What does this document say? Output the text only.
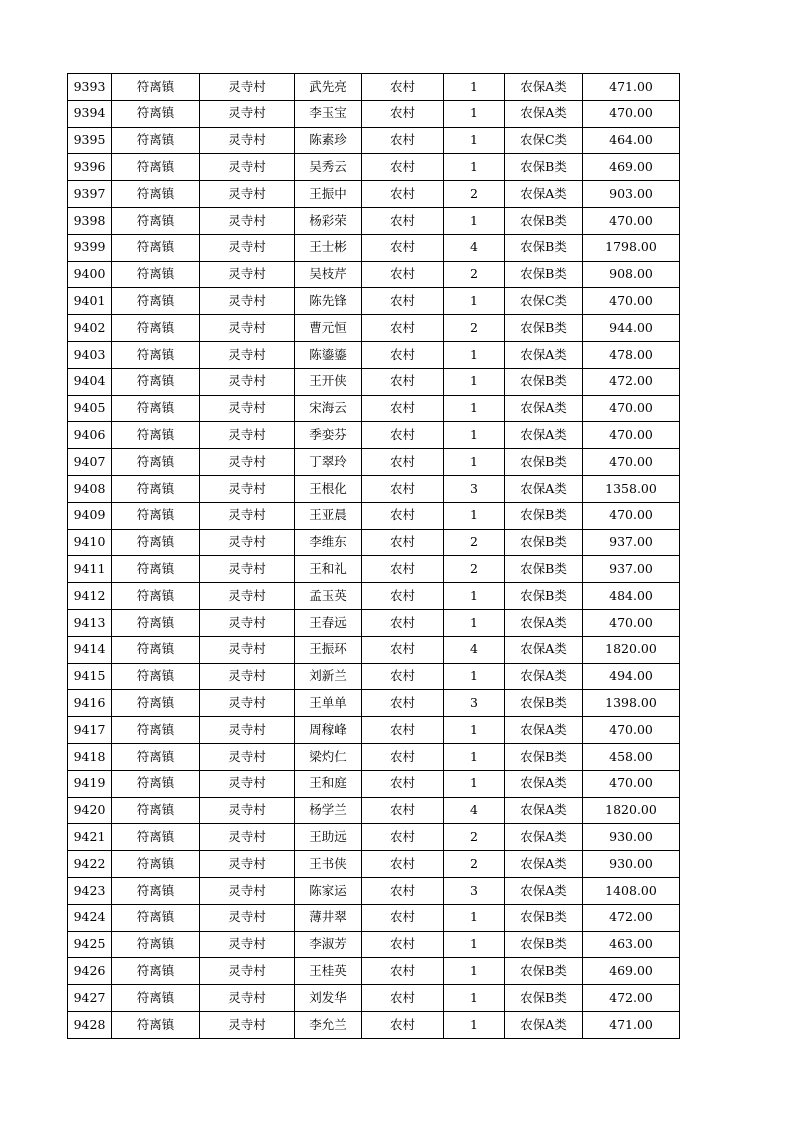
9393	符离镇	灵寺村	武先亮	农村	1	农保A类	471.00
9394	符离镇	灵寺村	李玉宝	农村	1	农保A类	470.00
9395	符离镇	灵寺村	陈素珍	农村	1	农保C类	464.00
9396	符离镇	灵寺村	吴秀云	农村	1	农保B类	469.00
9397	符离镇	灵寺村	王振中	农村	2	农保A类	903.00
9398	符离镇	灵寺村	杨彩荣	农村	1	农保B类	470.00
9399	符离镇	灵寺村	王士彬	农村	4	农保B类	1798.00
9400	符离镇	灵寺村	吴枝芹	农村	2	农保B类	908.00
9401	符离镇	灵寺村	陈先锋	农村	1	农保C类	470.00
9402	符离镇	灵寺村	曹元恒	农村	2	农保B类	944.00
9403	符离镇	灵寺村	陈鎏鎏	农村	1	农保A类	478.00
9404	符离镇	灵寺村	王开侠	农村	1	农保B类	472.00
9405	符离镇	灵寺村	宋海云	农村	1	农保A类	470.00
9406	符离镇	灵寺村	季娈芬	农村	1	农保A类	470.00
9407	符离镇	灵寺村	丁翠玲	农村	1	农保B类	470.00
9408	符离镇	灵寺村	王根化	农村	3	农保A类	1358.00
9409	符离镇	灵寺村	王亚晨	农村	1	农保B类	470.00
9410	符离镇	灵寺村	李维东	农村	2	农保B类	937.00
9411	符离镇	灵寺村	王和礼	农村	2	农保B类	937.00
9412	符离镇	灵寺村	孟玉英	农村	1	农保B类	484.00
9413	符离镇	灵寺村	王春远	农村	1	农保A类	470.00
9414	符离镇	灵寺村	王振环	农村	4	农保A类	1820.00
9415	符离镇	灵寺村	刘新兰	农村	1	农保A类	494.00
9416	符离镇	灵寺村	王单单	农村	3	农保B类	1398.00
9417	符离镇	灵寺村	周稼峰	农村	1	农保A类	470.00
9418	符离镇	灵寺村	梁灼仁	农村	1	农保B类	458.00
9419	符离镇	灵寺村	王和庭	农村	1	农保A类	470.00
9420	符离镇	灵寺村	杨学兰	农村	4	农保A类	1820.00
9421	符离镇	灵寺村	王助远	农村	2	农保A类	930.00
9422	符离镇	灵寺村	王书侠	农村	2	农保A类	930.00
9423	符离镇	灵寺村	陈家运	农村	3	农保A类	1408.00
9424	符离镇	灵寺村	薄井翠	农村	1	农保B类	472.00
9425	符离镇	灵寺村	李淑芳	农村	1	农保B类	463.00
9426	符离镇	灵寺村	王桂英	农村	1	农保B类	469.00
9427	符离镇	灵寺村	刘发华	农村	1	农保B类	472.00
9428	符离镇	灵寺村	李允兰	农村	1	农保A类	471.00
